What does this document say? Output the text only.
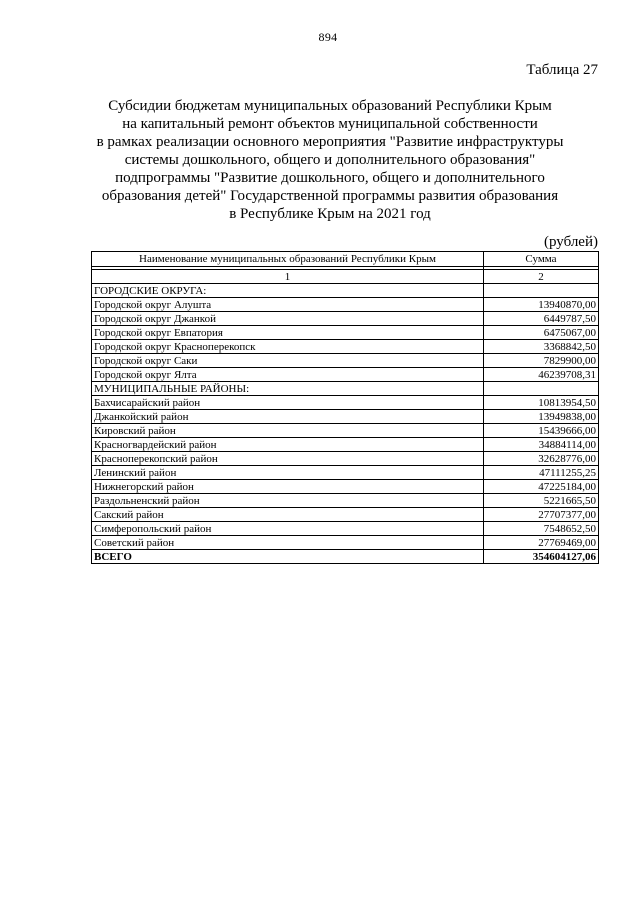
894
Таблица 27
Субсидии бюджетам муниципальных образований Республики Крым
на капитальный ремонт объектов муниципальной собственности
в рамках реализации основного мероприятия "Развитие инфраструктуры
системы дошкольного, общего и дополнительного образования"
подпрограммы "Развитие дошкольного, общего и дополнительного
образования детей" Государственной программы развития образования
в Республике Крым на 2021 год
(рублей)
Наименование муниципальных образований Республики Крым	Сумма

1	2
ГОРОДСКИЕ ОКРУГА:	
Городской округ Алушта	13940870,00
Городской округ Джанкой	6449787,50
Городской округ Евпатория	6475067,00
Городской округ Красноперекопск	3368842,50
Городской округ Саки	7829900,00
Городской округ Ялта	46239708,31
МУНИЦИПАЛЬНЫЕ РАЙОНЫ:	
Бахчисарайский район	10813954,50
Джанкойский район	13949838,00
Кировский район	15439666,00
Красногвардейский район	34884114,00
Красноперекопский район	32628776,00
Ленинский район	47111255,25
Нижнегорский район	47225184,00
Раздольненский район	5221665,50
Сакский район	27707377,00
Симферопольский район	7548652,50
Советский район	27769469,00
ВСЕГО	354604127,06
